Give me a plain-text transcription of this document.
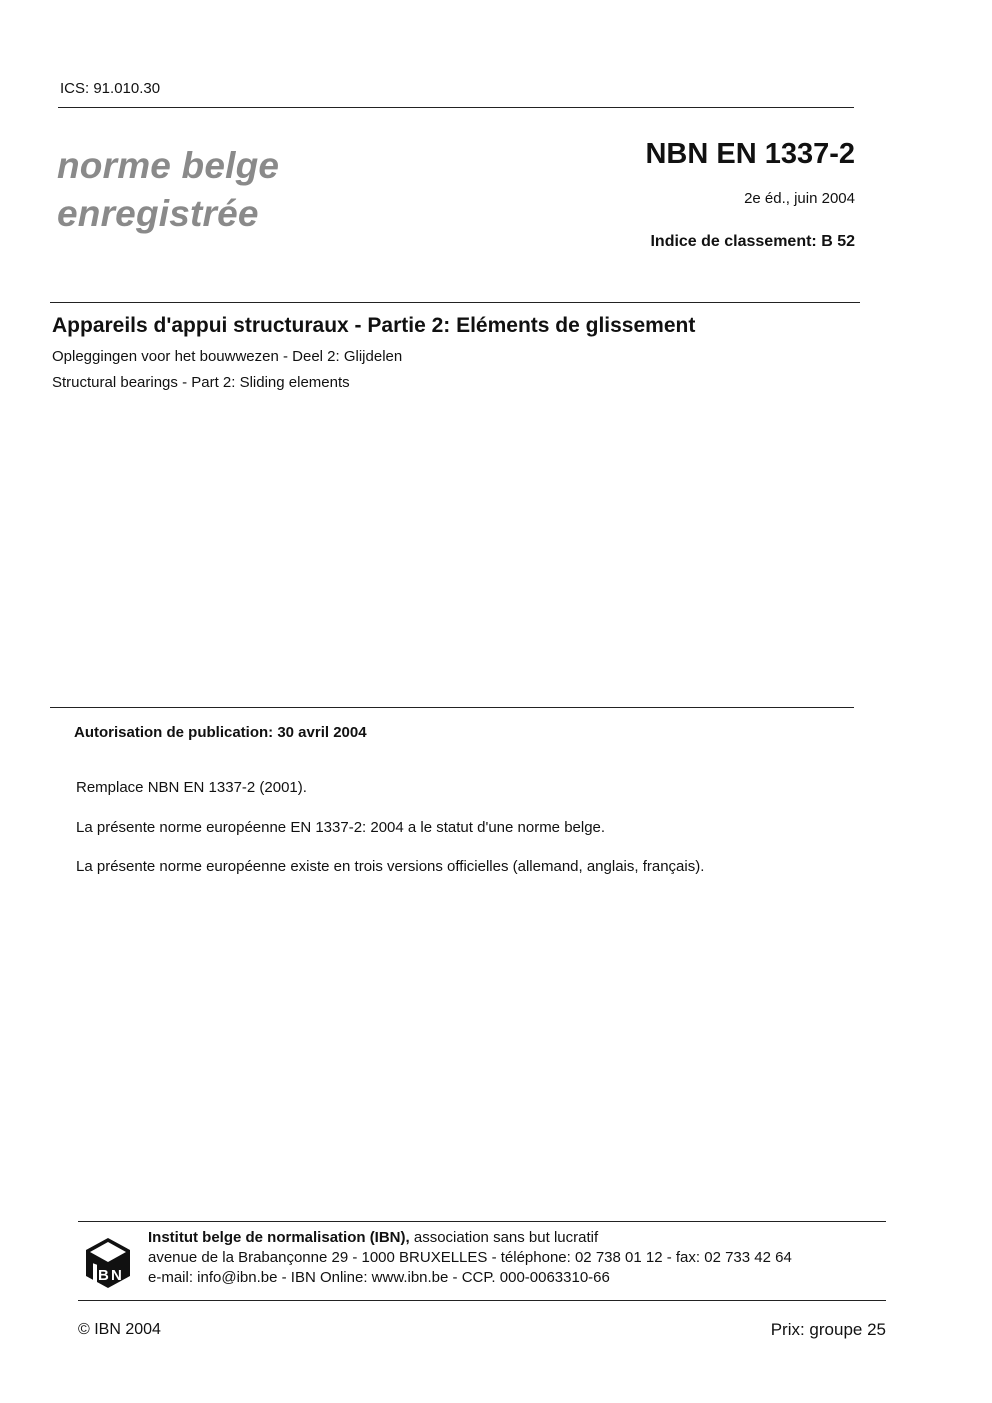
ICS: 91.010.30
norme belge
enregistrée
NBN EN 1337-2
2e éd., juin 2004
Indice de classement: B 52
Appareils d'appui structuraux - Partie 2: Eléments de glissement
Opleggingen voor het bouwwezen - Deel 2: Glijdelen
Structural bearings - Part 2: Sliding elements
Autorisation de publication: 30 avril 2004
Remplace NBN EN 1337-2 (2001).
La présente norme européenne EN 1337-2: 2004 a le statut d'une norme belge.
La présente norme européenne existe en trois versions officielles (allemand, anglais, français).
B N
Institut belge de normalisation (IBN), association sans but lucratif
avenue de la Brabançonne 29 - 1000 BRUXELLES - téléphone: 02 738 01 12 - fax: 02 733 42 64
e-mail: info@ibn.be - IBN Online: www.ibn.be - CCP. 000-0063310-66
© IBN 2004	Prix: groupe 25
